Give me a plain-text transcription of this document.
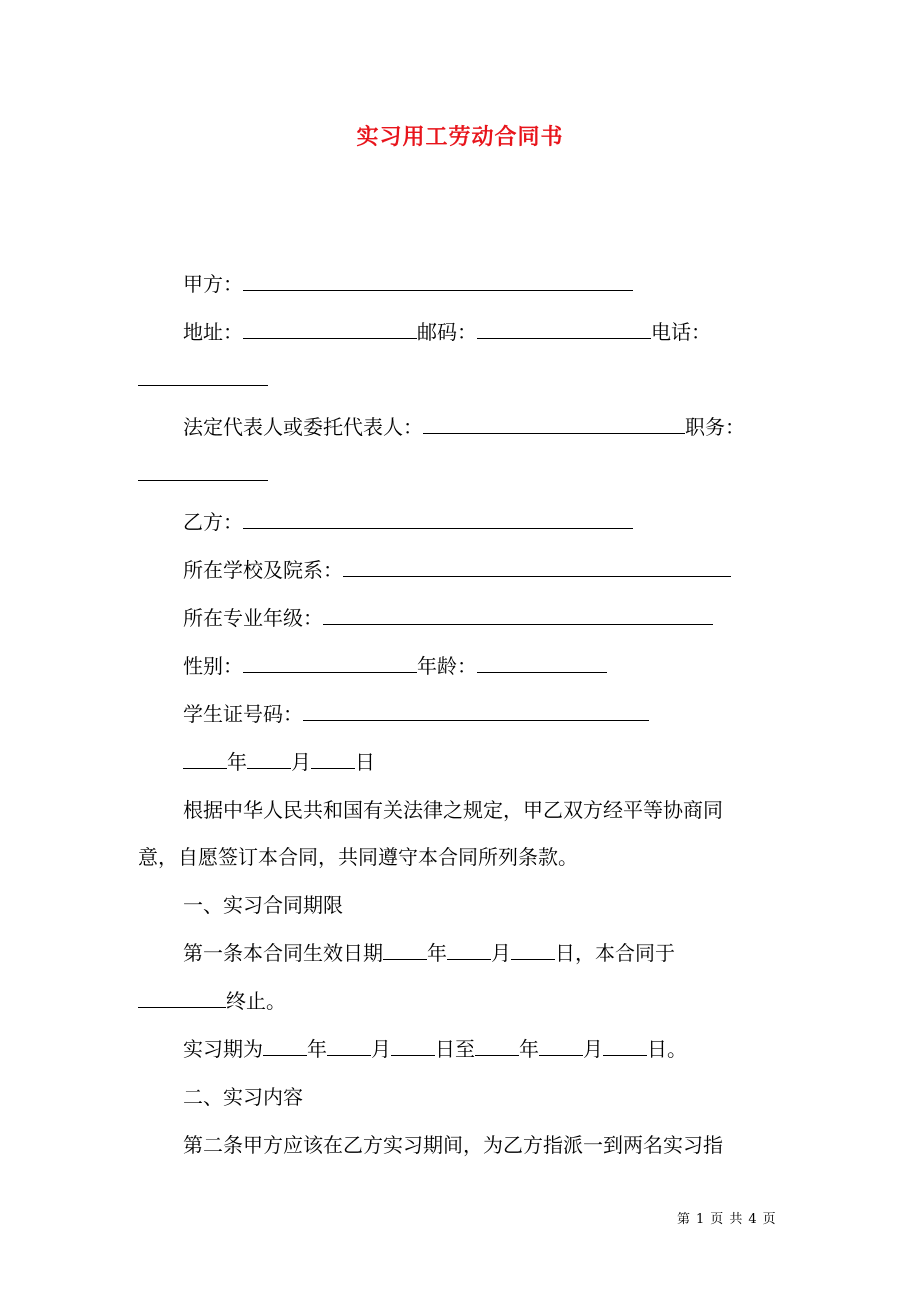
实习用工劳动合同书
甲方：
地址：	邮码：	电话：
法定代表人或委托代表人：	职务：
乙方：
所在学校及院系：
所在专业年级：
性别：	年龄：
学生证号码：
年 月 日
根据中华人民共和国有关法律之规定，甲乙双方经平等协商同
意，自愿签订本合同，共同遵守本合同所列条款。
一、实习合同期限
第一条本合同生效日期 年 月 日，本合同于
终止。
实习期为 年 月 日至 年 月 日。
二、实习内容
第二条甲方应该在乙方实习期间，为乙方指派一到两名实习指
第 1 页 共 4 页
